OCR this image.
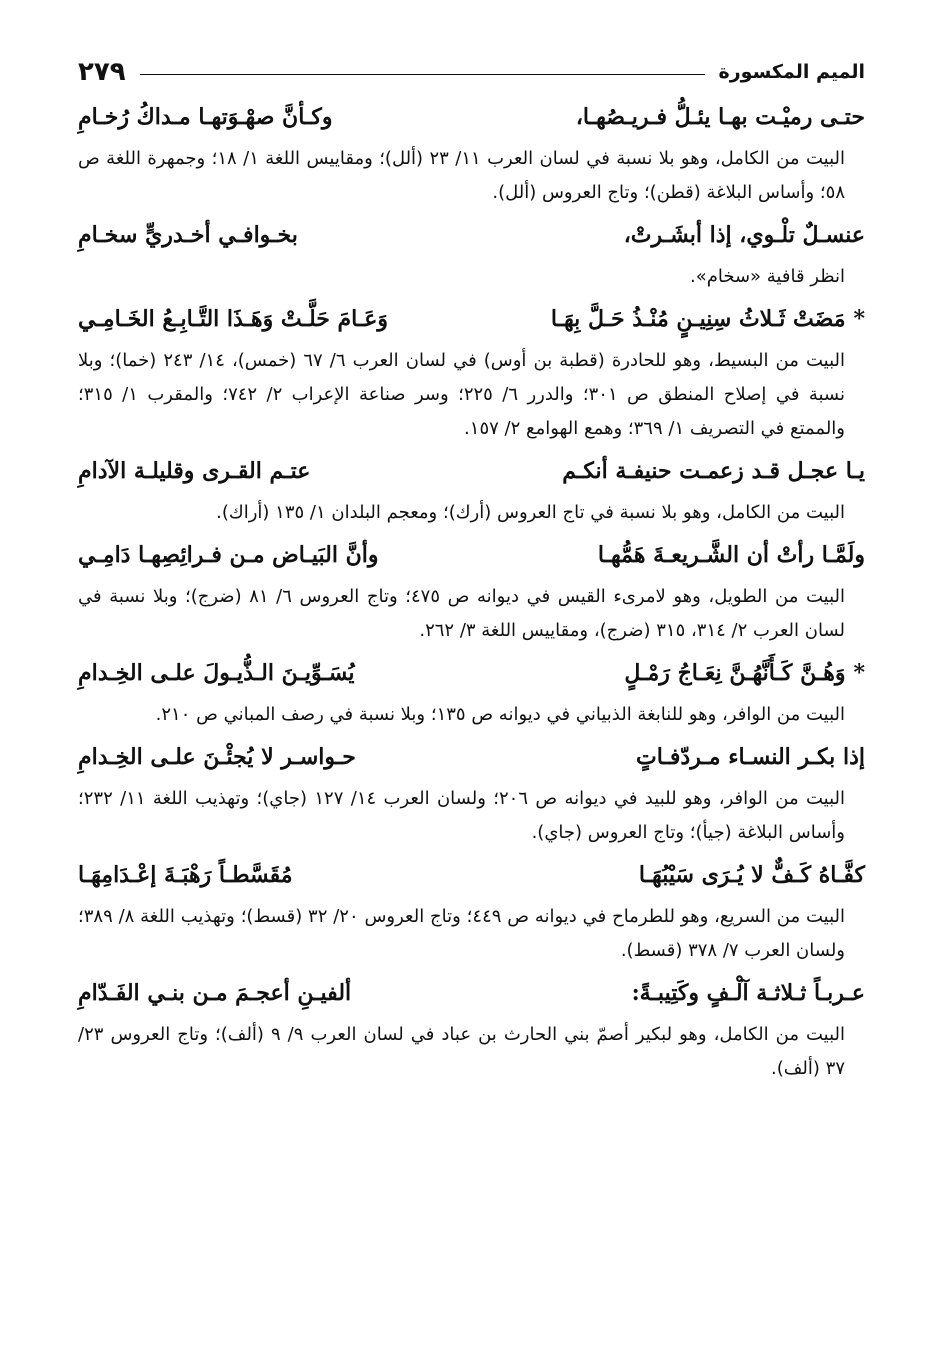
الميم المكسورة
٢٧٩
حتـى رميْـت بهـا يئـلُّ فـريـصُهـا،
وكـأنَّ صهْـوَتهـا مـداكُ رُخـامِ

البيت من الكامل، وهو بلا نسبة في لسان العرب ١١/ ٢٣ (ألل)؛ ومقاييس اللغة ١/ ١٨؛ وجمهرة اللغة ص ٥٨؛ وأساس البلاغة (قطن)؛ وتاج العروس (ألل).

عنسـلٌ تلْـوي، إذا أبشَـرتْ،
بخـوافـي أخـدريٍّ سخـامِ

انظر قافية «سخام».

*مَضَتْ ثَـلاثُ سِنِيـنٍ مُنْـذُ حَـلَّ بِهَـا
وَعَـامَ حَلَّـتْ وَهَـذَا التَّـابِـعُ الخَـامِـي

البيت من البسيط، وهو للحادرة (قطبة بن أوس) في لسان العرب ٦/ ٦٧ (خمس)، ١٤/ ٢٤٣ (خما)؛ وبلا نسبة في إصلاح المنطق ص ٣٠١؛ والدرر ٦/ ٢٢٥؛ وسر صناعة الإعراب ٢/ ٧٤٢؛ والمقرب ١/ ٣١٥؛ والممتع في التصريف ١/ ٣٦٩؛ وهمع الهوامع ٢/ ١٥٧.

يـا عجـل قـد زعمـت حنيفـة أنكـم
عتـم القـرى وقليلـة الآدامِ

البيت من الكامل، وهو بلا نسبة في تاج العروس (أرك)؛ ومعجم البلدان ١/ ١٣٥ (أراك).

ولَمَّـا رأتْ أن الشَّـريعـةَ هَمُّهـا
وأنَّ البَيـاض مـن فـرائِصِهـا دَامِـي

البيت من الطويل، وهو لامرىء القيس في ديوانه ص ٤٧٥؛ وتاج العروس ٦/ ٨١ (ضرج)؛ وبلا نسبة في لسان العرب ٢/ ٣١٤، ٣١٥ (ضرج)، ومقاييس اللغة ٣/ ٢٦٢.

*وَهُـنَّ كَـأَنَّهُـنَّ نِعَـاجُ رَمْـلٍ
يُسَـوِّيـنَ الـذُّيـولَ علـى الخِـدامِ

البيت من الوافر، وهو للنابغة الذبياني في ديوانه ص ١٣٥؛ وبلا نسبة في رصف المباني ص ٢١٠.

إذا بكـر النسـاء مـردّفـاتٍ
حـواسـر لا يُجئْـنَ علـى الخِـدامِ

البيت من الوافر، وهو للبيد في ديوانه ص ٢٠٦؛ ولسان العرب ١٤/ ١٢٧ (جاي)؛ وتهذيب اللغة ١١/ ٢٣٢؛ وأساس البلاغة (جيأ)؛ وتاج العروس (جاي).

كفَّـاهُ كَـفٌّ لا يُـرَى سَيْبُهَـا
مُقَسَّطـاً رَهْبَـةَ إعْـدَامِهَـا

البيت من السريع، وهو للطرماح في ديوانه ص ٤٤٩؛ وتاج العروس ٢٠/ ٣٢ (قسط)؛ وتهذيب اللغة ٨/ ٣٨٩؛ ولسان العرب ٧/ ٣٧٨ (قسط).

عـربـاً ثـلاثـة آلْـفٍ وكَتِيبـةً:
ألفيـنِ أعجـمَ مـن بنـي الفَـدّامِ

البيت من الكامل، وهو لبكير أصمّ بني الحارث بن عباد في لسان العرب ٩/ ٩ (ألف)؛ وتاج العروس ٢٣/ ٣٧ (ألف).
